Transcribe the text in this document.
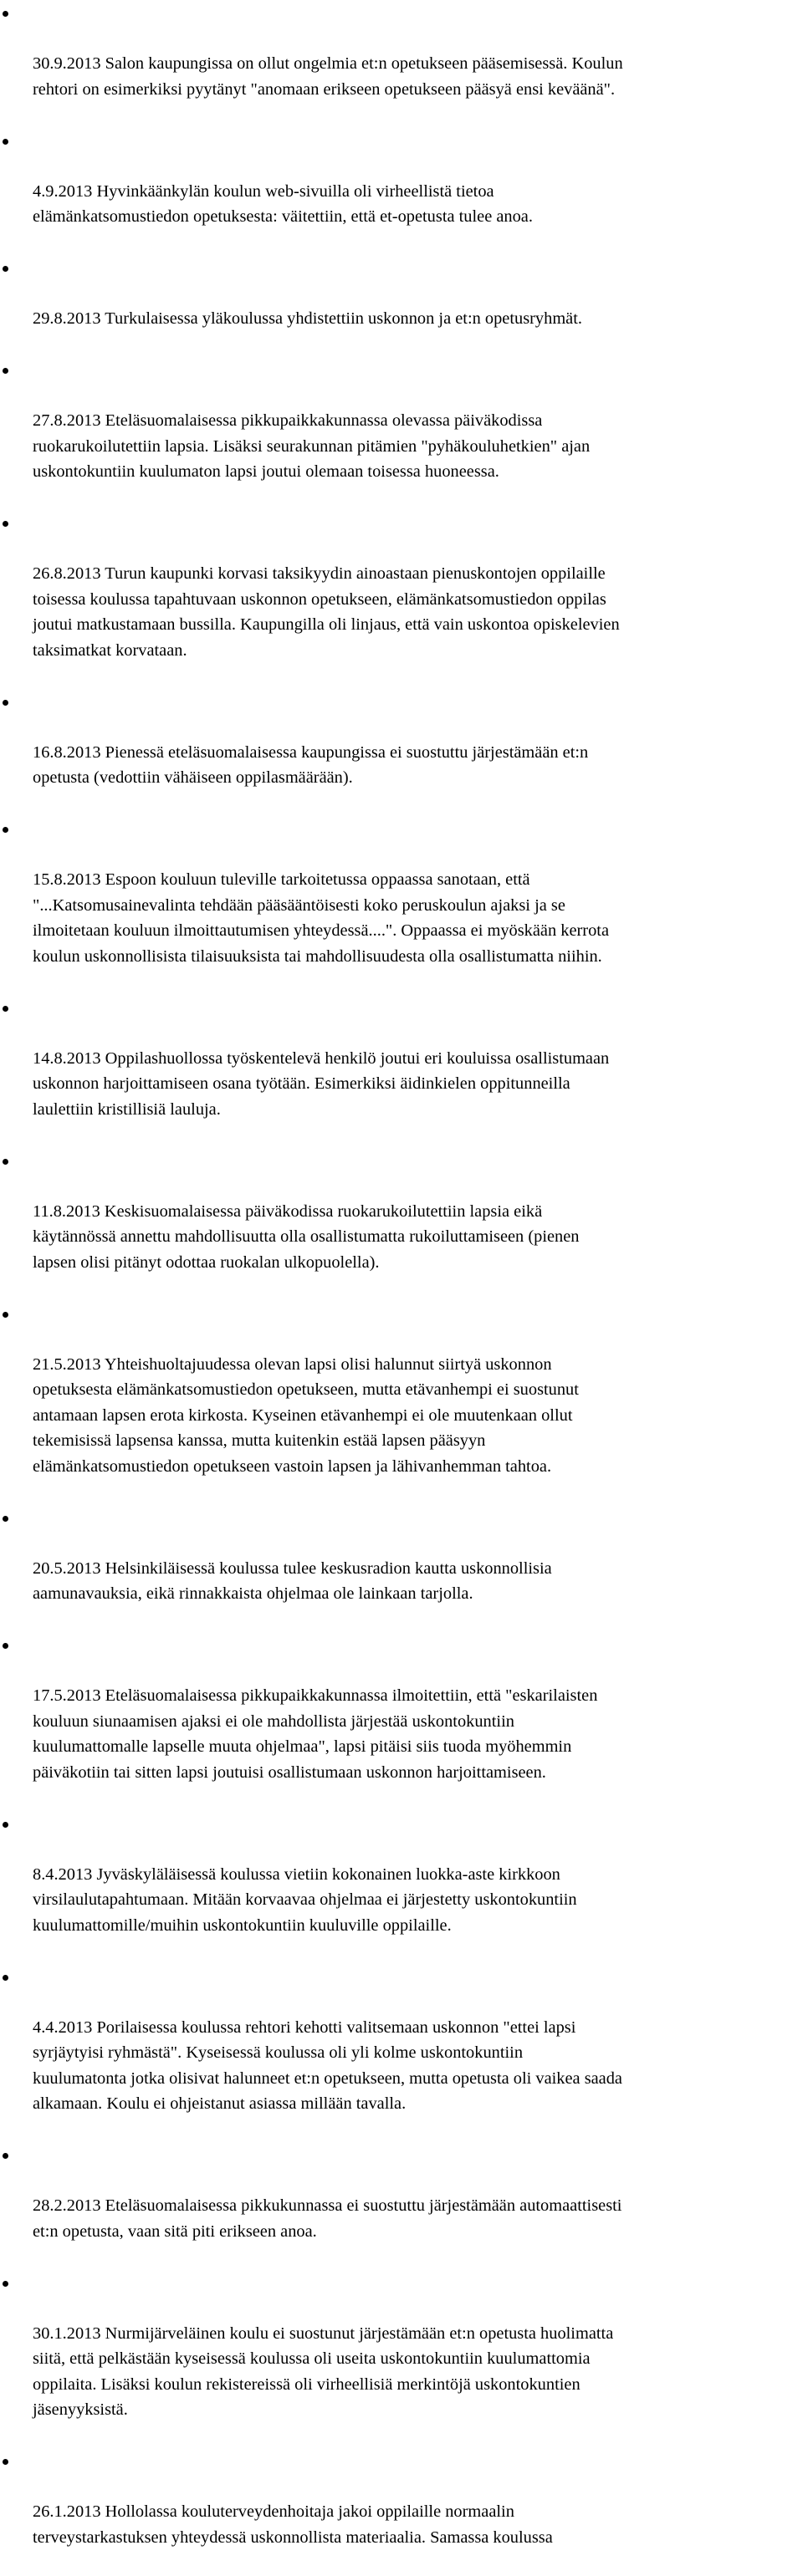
30.9.2013 Salon kaupungissa on ollut ongelmia et:n opetukseen pääsemisessä. Koulun
rehtori on esimerkiksi pyytänyt "anomaan erikseen opetukseen pääsyä ensi keväänä".

4.9.2013 Hyvinkäänkylän koulun web-sivuilla oli virheellistä tietoa
elämänkatsomustiedon opetuksesta: väitettiin, että et-opetusta tulee anoa.

29.8.2013 Turkulaisessa yläkoulussa yhdistettiin uskonnon ja et:n opetusryhmät.

27.8.2013 Eteläsuomalaisessa pikkupaikkakunnassa olevassa päiväkodissa
ruokarukoilutettiin lapsia. Lisäksi seurakunnan pitämien "pyhäkouluhetkien" ajan
uskontokuntiin kuulumaton lapsi joutui olemaan toisessa huoneessa.

26.8.2013 Turun kaupunki korvasi taksikyydin ainoastaan pienuskontojen oppilaille
toisessa koulussa tapahtuvaan uskonnon opetukseen, elämänkatsomustiedon oppilas
joutui matkustamaan bussilla. Kaupungilla oli linjaus, että vain uskontoa opiskelevien
taksimatkat korvataan.

16.8.2013 Pienessä eteläsuomalaisessa kaupungissa ei suostuttu järjestämään et:n
opetusta (vedottiin vähäiseen oppilasmäärään).

15.8.2013 Espoon kouluun tuleville tarkoitetussa oppaassa sanotaan, että
"...Katsomusainevalinta tehdään pääsääntöisesti koko peruskoulun ajaksi ja se
ilmoitetaan kouluun ilmoittautumisen yhteydessä....". Oppaassa ei myöskään kerrota
koulun uskonnollisista tilaisuuksista tai mahdollisuudesta olla osallistumatta niihin.

14.8.2013 Oppilashuollossa työskentelevä henkilö joutui eri kouluissa osallistumaan
uskonnon harjoittamiseen osana työtään. Esimerkiksi äidinkielen oppitunneilla
laulettiin kristillisiä lauluja.

11.8.2013 Keskisuomalaisessa päiväkodissa ruokarukoilutettiin lapsia eikä
käytännössä annettu mahdollisuutta olla osallistumatta rukoiluttamiseen (pienen
lapsen olisi pitänyt odottaa ruokalan ulkopuolella).

21.5.2013 Yhteishuoltajuudessa olevan lapsi olisi halunnut siirtyä uskonnon
opetuksesta elämänkatsomustiedon opetukseen, mutta etävanhempi ei suostunut
antamaan lapsen erota kirkosta. Kyseinen etävanhempi ei ole muutenkaan ollut
tekemisissä lapsensa kanssa, mutta kuitenkin estää lapsen pääsyyn
elämänkatsomustiedon opetukseen vastoin lapsen ja lähivanhemman tahtoa.

20.5.2013 Helsinkiläisessä koulussa tulee keskusradion kautta uskonnollisia
aamunavauksia, eikä rinnakkaista ohjelmaa ole lainkaan tarjolla.

17.5.2013 Eteläsuomalaisessa pikkupaikkakunnassa ilmoitettiin, että "eskarilaisten
kouluun siunaamisen ajaksi ei ole mahdollista järjestää uskontokuntiin
kuulumattomalle lapselle muuta ohjelmaa", lapsi pitäisi siis tuoda myöhemmin
päiväkotiin tai sitten lapsi joutuisi osallistumaan uskonnon harjoittamiseen.

8.4.2013 Jyväskyläläisessä koulussa vietiin kokonainen luokka-aste kirkkoon
virsilaulutapahtumaan. Mitään korvaavaa ohjelmaa ei järjestetty uskontokuntiin
kuulumattomille/muihin uskontokuntiin kuuluville oppilaille.

4.4.2013 Porilaisessa koulussa rehtori kehotti valitsemaan uskonnon "ettei lapsi
syrjäytyisi ryhmästä". Kyseisessä koulussa oli yli kolme uskontokuntiin
kuulumatonta jotka olisivat halunneet et:n opetukseen, mutta opetusta oli vaikea saada
alkamaan. Koulu ei ohjeistanut asiassa millään tavalla.

28.2.2013 Eteläsuomalaisessa pikkukunnassa ei suostuttu järjestämään automaattisesti
et:n opetusta, vaan sitä piti erikseen anoa.

30.1.2013 Nurmijärveläinen koulu ei suostunut järjestämään et:n opetusta huolimatta
siitä, että pelkästään kyseisessä koulussa oli useita uskontokuntiin kuulumattomia
oppilaita. Lisäksi koulun rekistereissä oli virheellisiä merkintöjä uskontokuntien
jäsenyyksistä.

26.1.2013 Hollolassa kouluterveydenhoitaja jakoi oppilaille normaalin
terveystarkastuksen yhteydessä uskonnollista materiaalia. Samassa koulussa
